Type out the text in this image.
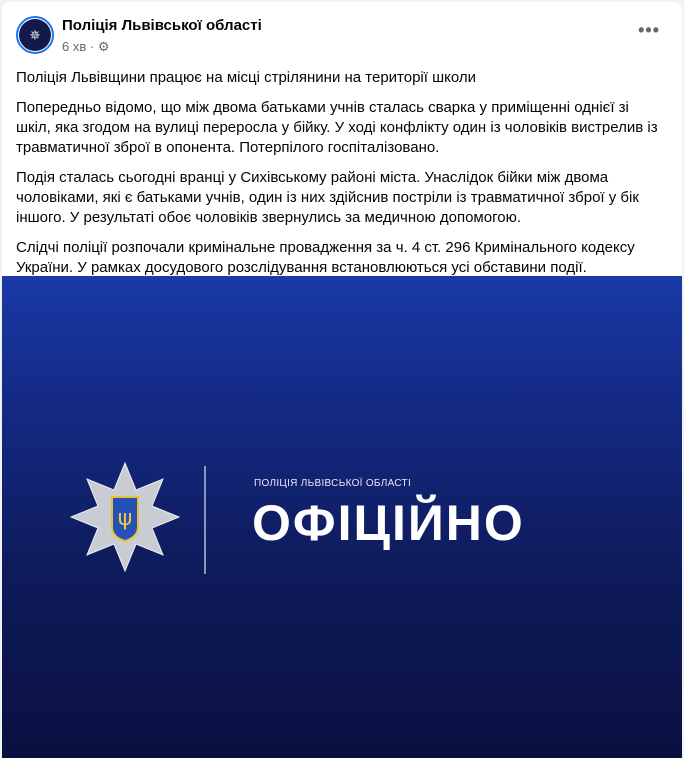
✵
Поліція Львівської області
6 хв · ⚙
•••

Поліція Львівщини працює на місці стрілянини на території школи

Попередньо відомо, що між двома батьками учнів сталась сварка у приміщенні однієї зі шкіл, яка згодом на вулиці переросла у бійку. У ході конфлікту один із чоловіків вистрелив із травматичної зброї в опонента. Потерпілого госпіталізовано.

Подія сталась сьогодні вранці у Сихівському районі міста. Унаслідок бійки між двома чоловіками, які є батьками учнів, один із них здійснив постріли із травматичної зброї у бік іншого. У результаті обоє чоловіків звернулись за медичною допомогою.

Слідчі поліції розпочали кримінальне провадження за ч. 4 ст. 296 Кримінального кодексу України. У рамках досудового розслідування встановлюються усі обставини події.

ψ
ПОЛІЦІЯ ЛЬВІВСЬКОЇ ОБЛАСТІ
ОФІЦІЙНО
